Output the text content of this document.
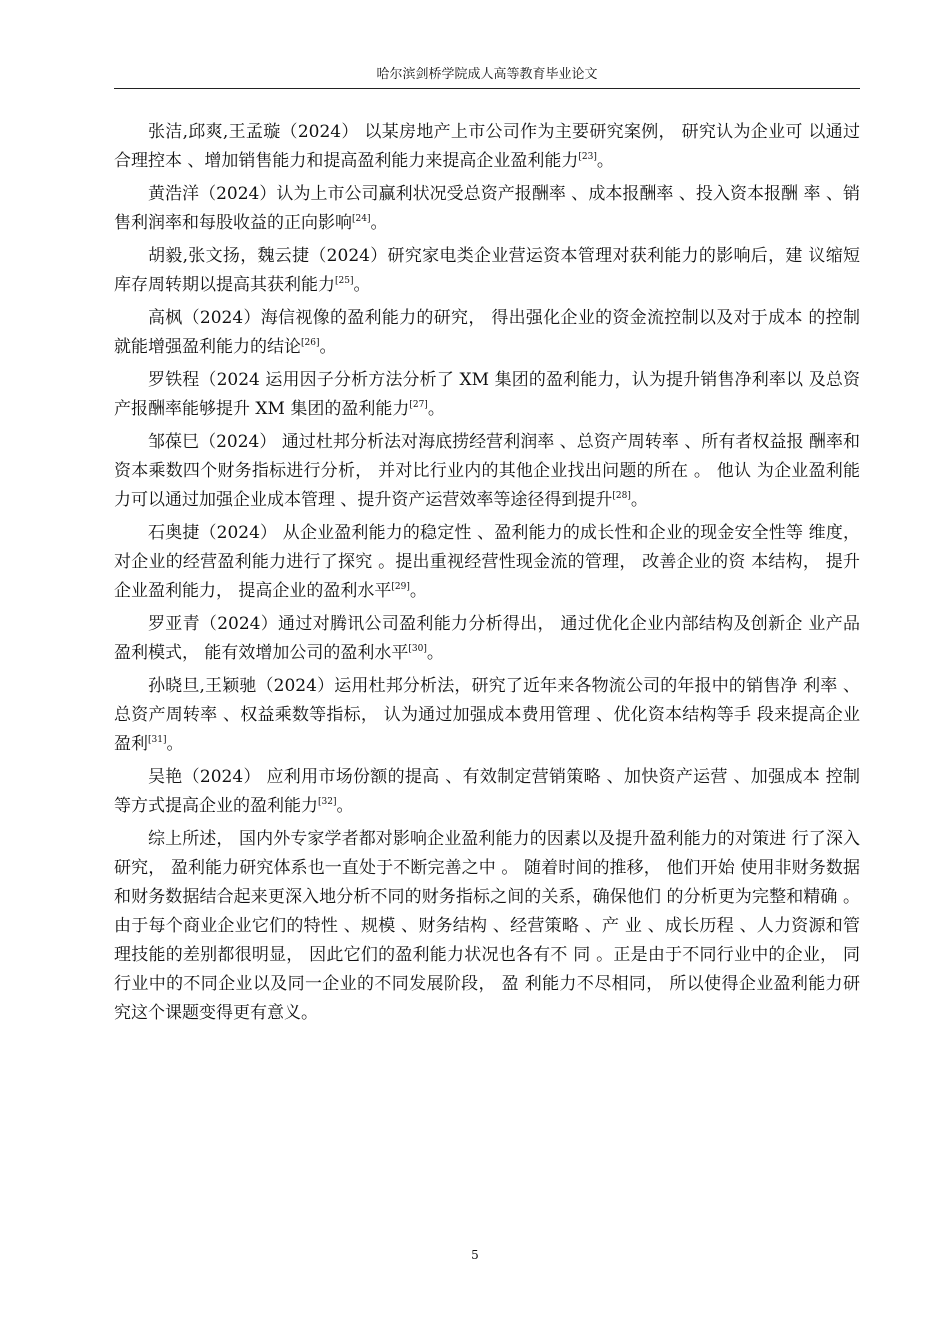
哈尔滨剑桥学院成人高等教育毕业论文

张洁,邱爽,王孟璇（2024） 以某房地产上市公司作为主要研究案例， 研究认为企业可 以通过合理控本 、增加销售能力和提高盈利能力来提高企业盈利能力[23]。

黄浩洋（2024）认为上市公司赢利状况受总资产报酬率 、成本报酬率 、投入资本报酬 率 、销售利润率和每股收益的正向影响[24]。

胡毅,张文扬，魏云捷（2024）研究家电类企业营运资本管理对获利能力的影响后，建 议缩短库存周转期以提高其获利能力[25]。

高枫（2024）海信视像的盈利能力的研究， 得出强化企业的资金流控制以及对于成本 的控制就能增强盈利能力的结论[26]。

罗铁程（2024 运用因子分析方法分析了 XM 集团的盈利能力，认为提升销售净利率以 及总资产报酬率能够提升 XM 集团的盈利能力[27]。

邹葆巳（2024） 通过杜邦分析法对海底捞经营利润率 、总资产周转率 、所有者权益报 酬率和资本乘数四个财务指标进行分析， 并对比行业内的其他企业找出问题的所在 。 他认 为企业盈利能力可以通过加强企业成本管理 、提升资产运营效率等途径得到提升[28]。

石奥捷（2024） 从企业盈利能力的稳定性 、盈利能力的成长性和企业的现金安全性等 维度， 对企业的经营盈利能力进行了探究 。提出重视经营性现金流的管理， 改善企业的资 本结构， 提升企业盈利能力， 提高企业的盈利水平[29]。

罗亚青（2024）通过对腾讯公司盈利能力分析得出， 通过优化企业内部结构及创新企 业产品盈利模式， 能有效增加公司的盈利水平[30]。

孙晓旦,王颖驰（2024）运用杜邦分析法，研究了近年来各物流公司的年报中的销售净 利率 、总资产周转率 、权益乘数等指标， 认为通过加强成本费用管理 、优化资本结构等手 段来提高企业盈利[31]。

吴艳（2024） 应利用市场份额的提高 、有效制定营销策略 、加快资产运营 、加强成本 控制等方式提高企业的盈利能力[32]。

综上所述， 国内外专家学者都对影响企业盈利能力的因素以及提升盈利能力的对策进 行了深入研究， 盈利能力研究体系也一直处于不断完善之中 。 随着时间的推移， 他们开始 使用非财务数据和财务数据结合起来更深入地分析不同的财务指标之间的关系，确保他们 的分析更为完整和精确 。 由于每个商业企业它们的特性 、规模 、财务结构 、经营策略 、产 业 、成长历程 、人力资源和管理技能的差别都很明显， 因此它们的盈利能力状况也各有不 同 。正是由于不同行业中的企业， 同行业中的不同企业以及同一企业的不同发展阶段， 盈 利能力不尽相同， 所以使得企业盈利能力研究这个课题变得更有意义。

5
